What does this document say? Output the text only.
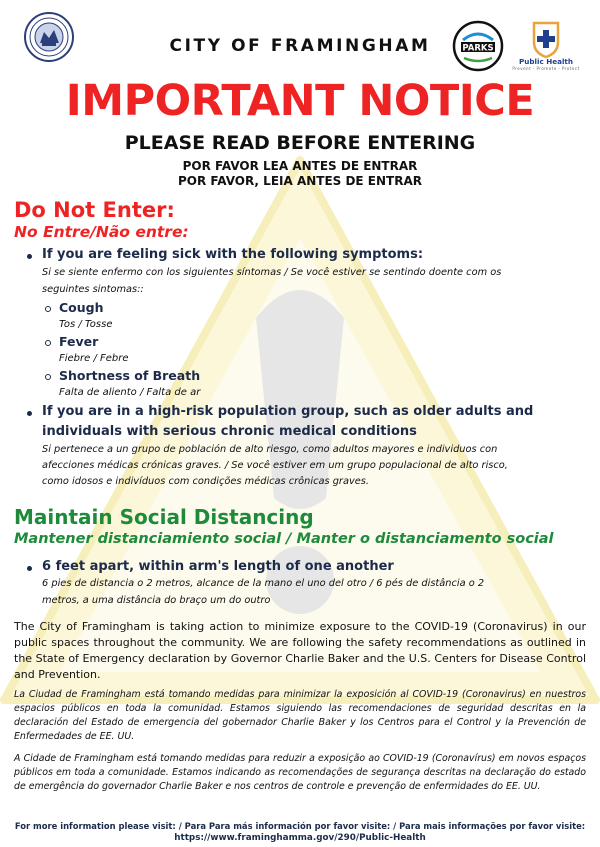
CITY OF FRAMINGHAM	PARKS
Public Health
Prevent · Promote · Protect
IMPORTANT NOTICE
PLEASE READ BEFORE ENTERING
POR FAVOR LEA ANTES DE ENTRAR
POR FAVOR, LEIA ANTES DE ENTRAR
Do Not Enter:
No Entre/Não entre:
If you are feeling sick with the following symptoms:
Si se siente enfermo con los siguientes síntomas / Se você estiver se sentindo doente com os
seguintes sintomas::
Cough
Tos / Tosse
Fever
Fiebre / Febre
Shortness of Breath
Falta de aliento / Falta de ar
If you are in a high-risk population group, such as older adults and
individuals with serious chronic medical conditions
Si pertenece a un grupo de población de alto riesgo, como adultos mayores e individuos con
afecciones médicas crónicas graves. / Se você estiver em um grupo populacional de alto risco,
como idosos e indivíduos com condições médicas crônicas graves.
Maintain Social Distancing
Mantener distanciamiento social / Manter o distanciamento social
6 feet apart, within arm's length of one another
6 pies de distancia o 2 metros, alcance de la mano el uno del otro / 6 pés de distância o 2
metros, a uma distância do braço um do outro
The City of Framingham is taking action to minimize exposure to the COVID-19 (Coronavirus) in our public spaces throughout the community. We are following the safety recommendations as outlined in the State of Emergency declaration by Governor Charlie Baker and the U.S. Centers for Disease Control and Prevention.
La Ciudad de Framingham está tomando medidas para minimizar la exposición al COVID-19 (Coronavirus) en nuestros espacios públicos en toda la comunidad. Estamos siguiendo las recomendaciones de seguridad descritas en la declaración del Estado de emergencia del gobernador Charlie Baker y los Centros para el Control y la Prevención de Enfermedades de EE. UU.
A Cidade de Framingham está tomando medidas para reduzir a exposição ao COVID-19 (Coronavírus) em novos espaços públicos em toda a comunidade. Estamos indicando as recomendações de segurança descritas na declaração do estado de emergência do governador Charlie Baker e nos centros de controle e prevenção de enfermidades do EE. UU.
For more information please visit: / Para Para más información por favor visite: / Para mais informações por favor visite:
https://www.framinghamma.gov/290/Public-Health
